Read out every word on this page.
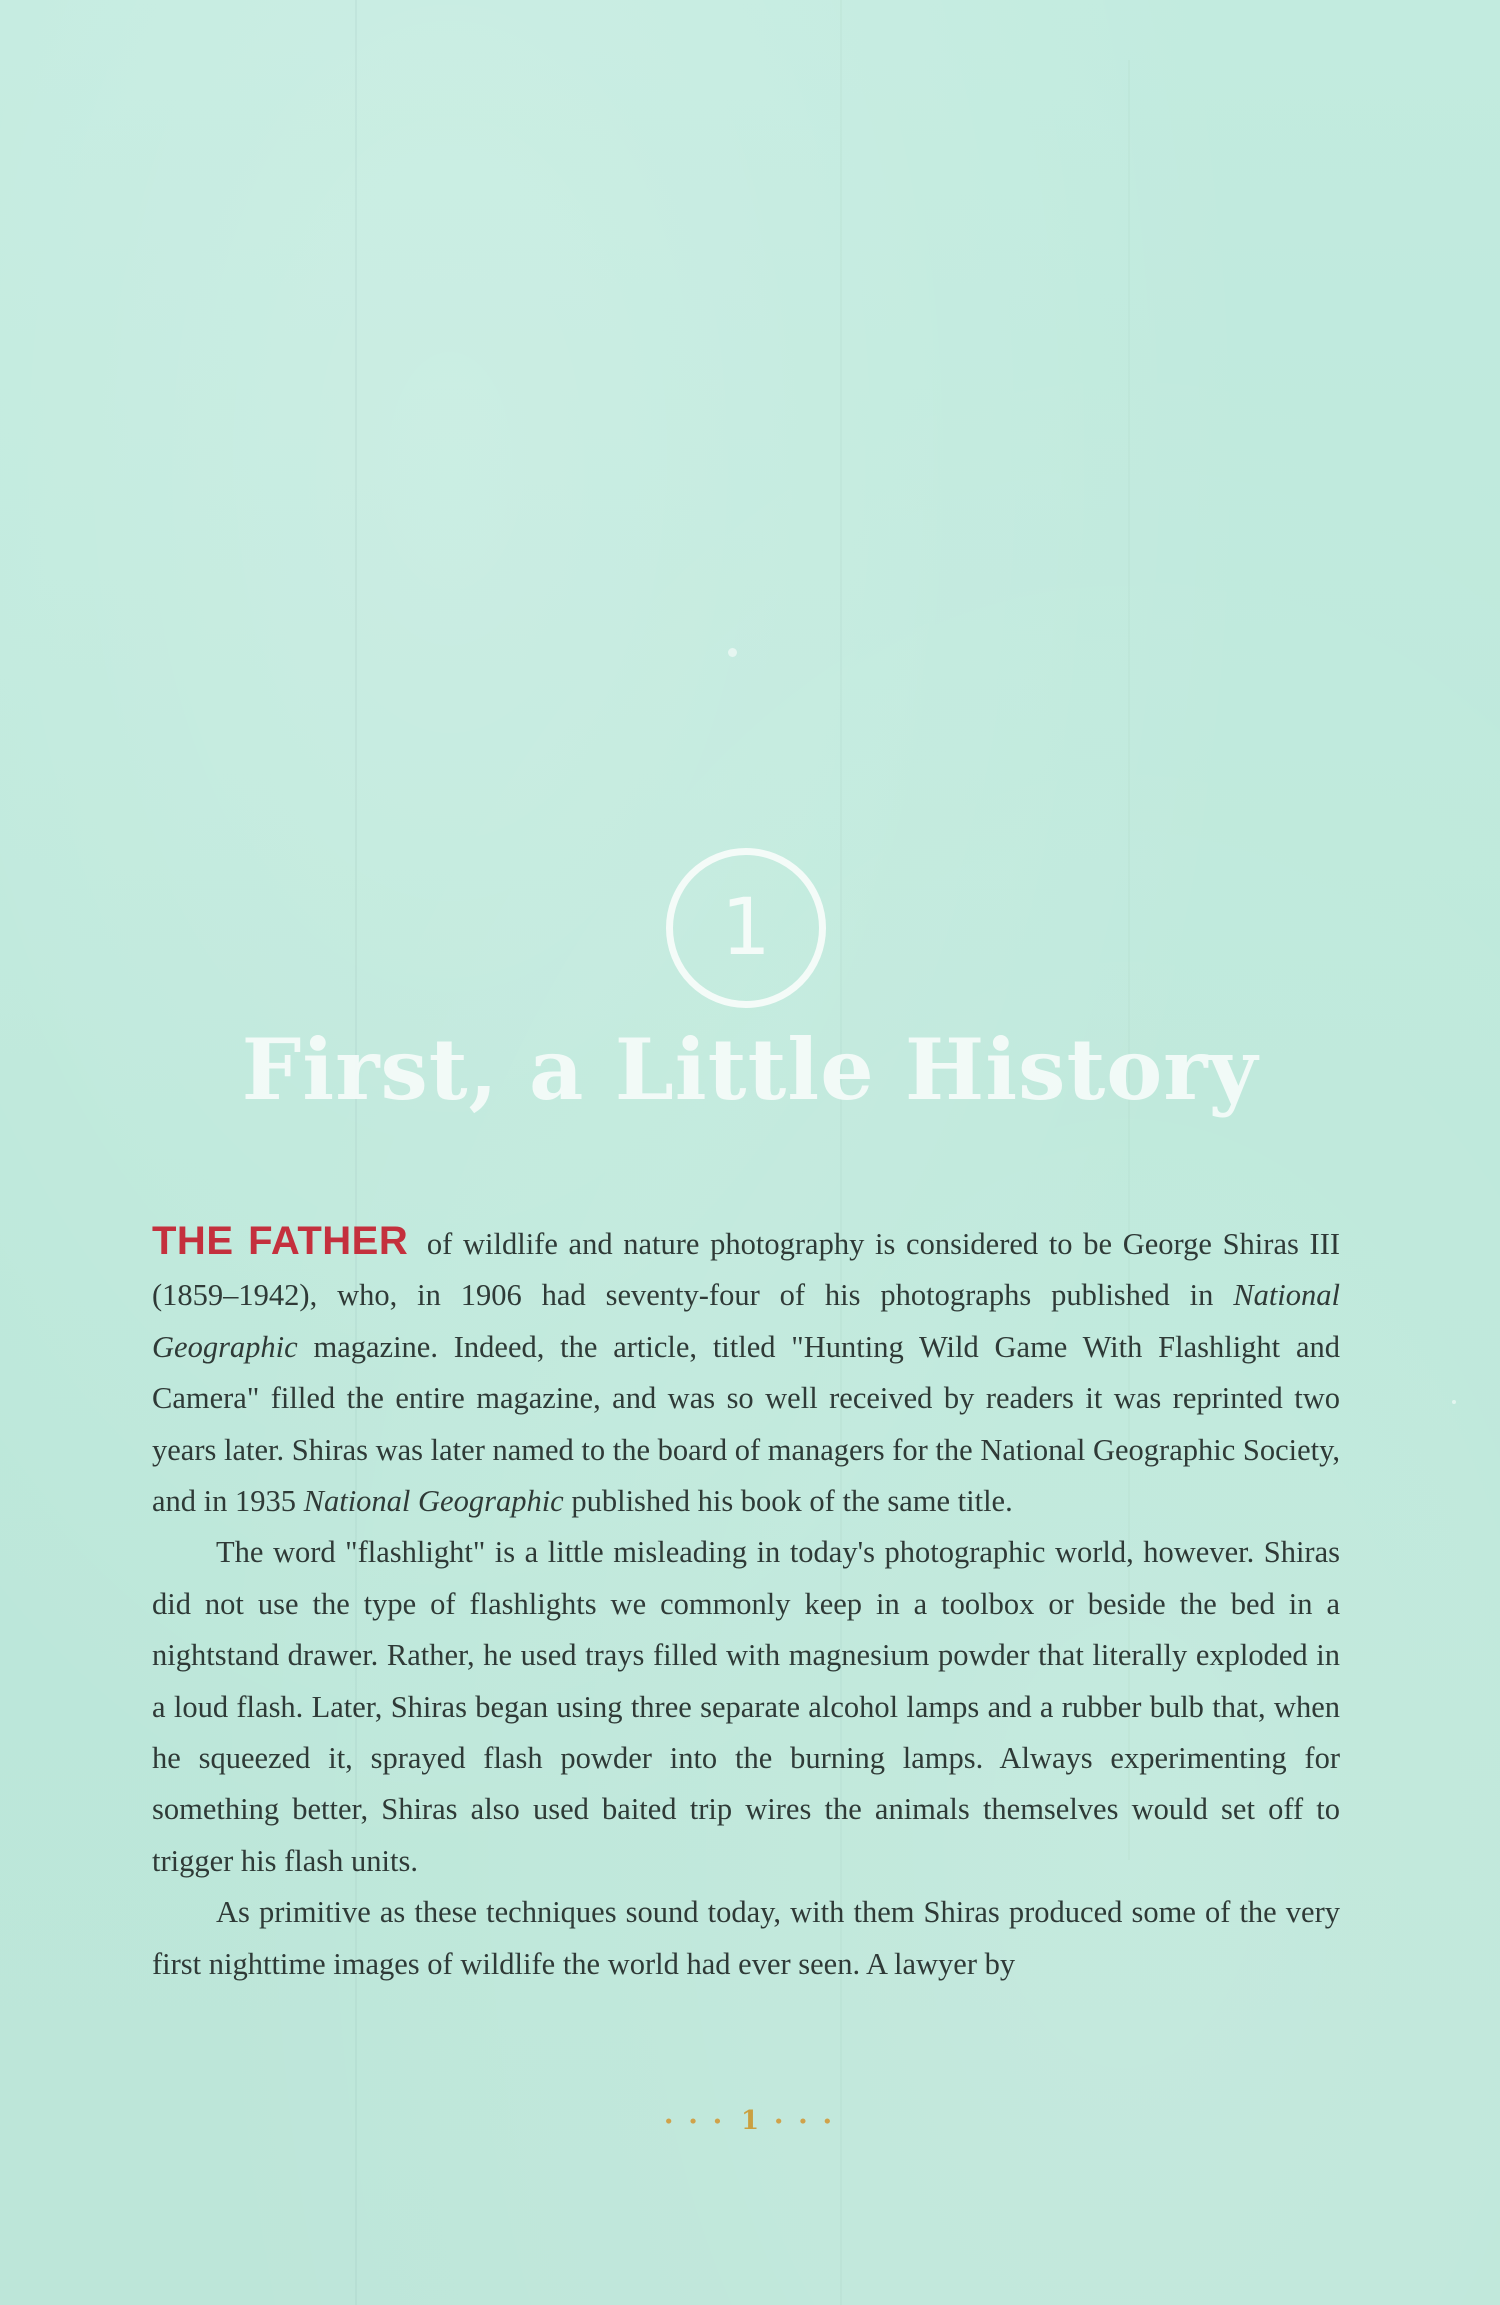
1
First, a Little History

THE FATHER of wildlife and nature photography is considered to be George Shiras III (1859–1942), who, in 1906 had seventy-four of his photographs published in National Geographic magazine. Indeed, the article, titled "Hunting Wild Game With Flashlight and Camera" filled the entire magazine, and was so well received by readers it was reprinted two years later. Shiras was later named to the board of managers for the National Geographic Society, and in 1935 National Geographic published his book of the same title.

The word "flashlight" is a little misleading in today's photographic world, however. Shiras did not use the type of flashlights we commonly keep in a toolbox or beside the bed in a nightstand drawer. Rather, he used trays filled with magnesium powder that literally exploded in a loud flash. Later, Shiras began using three separate alcohol lamps and a rubber bulb that, when he squeezed it, sprayed flash powder into the burning lamps. Always experimenting for something better, Shiras also used baited trip wires the animals themselves would set off to trigger his flash units.

As primitive as these techniques sound today, with them Shiras produced some of the very first nighttime images of wildlife the world had ever seen. A lawyer by

• • • 1 • • •
